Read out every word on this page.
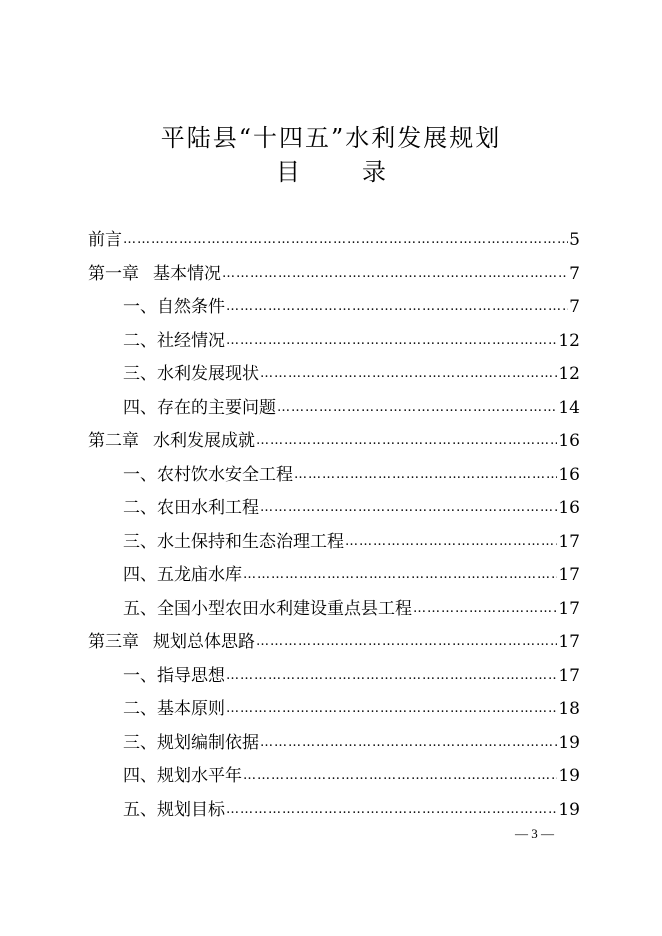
平陆县“十四五”水利发展规划
目	录
前言 …………………………………………………………………………………………………………………………………………………………………………	5
第一章 基本情况 …………………………………………………………………………………………………………………………………………………………………………	7
一、自然条件 …………………………………………………………………………………………………………………………………………………………………………	7
二、社经情况 …………………………………………………………………………………………………………………………………………………………………………	12
三、水利发展现状 …………………………………………………………………………………………………………………………………………………………………………	12
四、存在的主要问题 …………………………………………………………………………………………………………………………………………………………………………	14
第二章 水利发展成就 …………………………………………………………………………………………………………………………………………………………………………	16
一、农村饮水安全工程 …………………………………………………………………………………………………………………………………………………………………………	16
二、农田水利工程 …………………………………………………………………………………………………………………………………………………………………………	16
三、水土保持和生态治理工程 …………………………………………………………………………………………………………………………………………………………………………	17
四、五龙庙水库 …………………………………………………………………………………………………………………………………………………………………………	17
五、全国小型农田水利建设重点县工程 …………………………………………………………………………………………………………………………………………………………………………	17
第三章 规划总体思路 …………………………………………………………………………………………………………………………………………………………………………	17
一、指导思想 …………………………………………………………………………………………………………………………………………………………………………	17
二、基本原则 …………………………………………………………………………………………………………………………………………………………………………	18
三、规划编制依据 …………………………………………………………………………………………………………………………………………………………………………	19
四、规划水平年 …………………………………………………………………………………………………………………………………………………………………………	19
五、规划目标 …………………………………………………………………………………………………………………………………………………………………………	19
— 3 —
